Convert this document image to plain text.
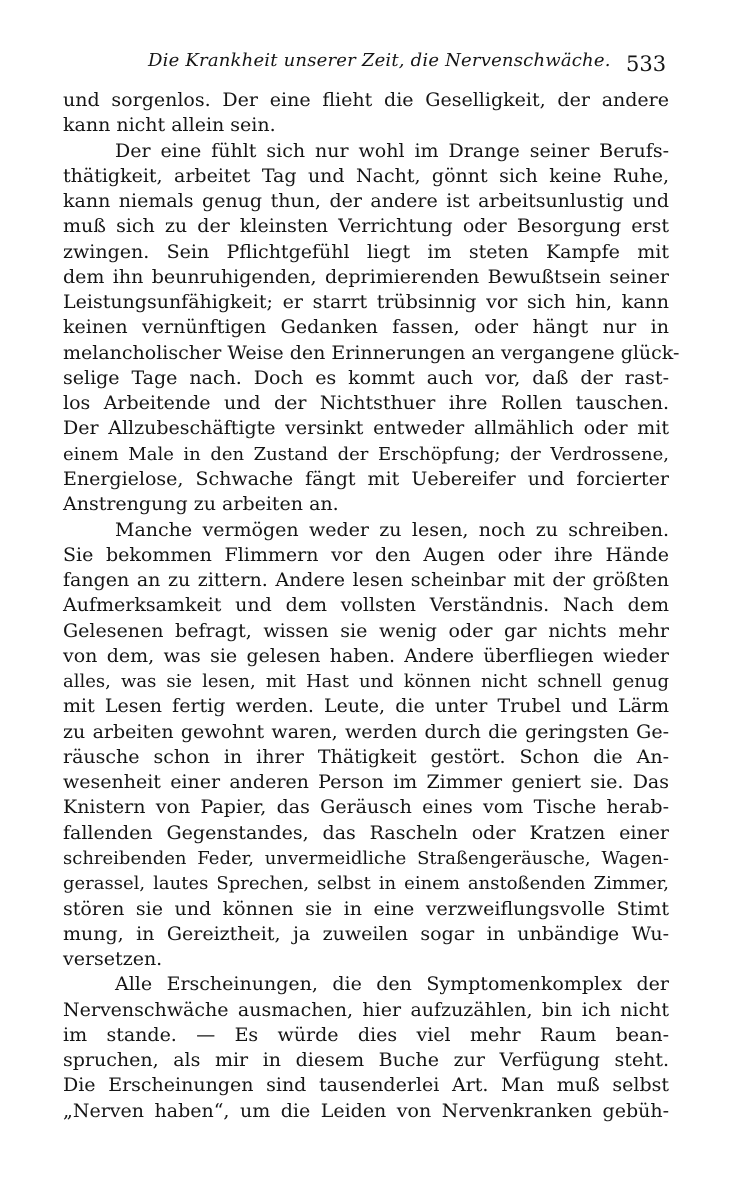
Die Krankheit unserer Zeit, die Nervenschwäche. 533
und sorgenlos. Der eine flieht die Geselligkeit, der andere
kann nicht allein sein.
Der eine fühlt sich nur wohl im Drange seiner Berufs-
thätigkeit, arbeitet Tag und Nacht, gönnt sich keine Ruhe,
kann niemals genug thun, der andere ist arbeitsunlustig und
muß sich zu der kleinsten Verrichtung oder Besorgung erst
zwingen. Sein Pflichtgefühl liegt im steten Kampfe mit
dem ihn beunruhigenden, deprimierenden Bewußtsein seiner
Leistungsunfähigkeit; er starrt trübsinnig vor sich hin, kann
keinen vernünftigen Gedanken fassen, oder hängt nur in
melancholischer Weise den Erinnerungen an vergangene glück-
selige Tage nach. Doch es kommt auch vor, daß der rast-
los Arbeitende und der Nichtsthuer ihre Rollen tauschen.
Der Allzubeschäftigte versinkt entweder allmählich oder mit
einem Male in den Zustand der Erschöpfung; der Verdrossene,
Energielose, Schwache fängt mit Uebereifer und forcierter
Anstrengung zu arbeiten an.
Manche vermögen weder zu lesen, noch zu schreiben.
Sie bekommen Flimmern vor den Augen oder ihre Hände
fangen an zu zittern. Andere lesen scheinbar mit der größten
Aufmerksamkeit und dem vollsten Verständnis. Nach dem
Gelesenen befragt, wissen sie wenig oder gar nichts mehr
von dem, was sie gelesen haben. Andere überfliegen wieder
alles, was sie lesen, mit Hast und können nicht schnell genug
mit Lesen fertig werden. Leute, die unter Trubel und Lärm
zu arbeiten gewohnt waren, werden durch die geringsten Ge-
räusche schon in ihrer Thätigkeit gestört. Schon die An-
wesenheit einer anderen Person im Zimmer geniert sie. Das
Knistern von Papier, das Geräusch eines vom Tische herab-
fallenden Gegenstandes, das Rascheln oder Kratzen einer
schreibenden Feder, unvermeidliche Straßengeräusche, Wagen-
gerassel, lautes Sprechen, selbst in einem anstoßenden Zimmer,
stören sie und können sie in eine verzweiflungsvolle Stimt
mung, in Gereiztheit, ja zuweilen sogar in unbändige Wu-
versetzen.
Alle Erscheinungen, die den Symptomenkomplex der
Nervenschwäche ausmachen, hier aufzuzählen, bin ich nicht
im stande. — Es würde dies viel mehr Raum bean-
spruchen, als mir in diesem Buche zur Verfügung steht.
Die Erscheinungen sind tausenderlei Art. Man muß selbst
„Nerven haben“, um die Leiden von Nervenkranken gebüh-
